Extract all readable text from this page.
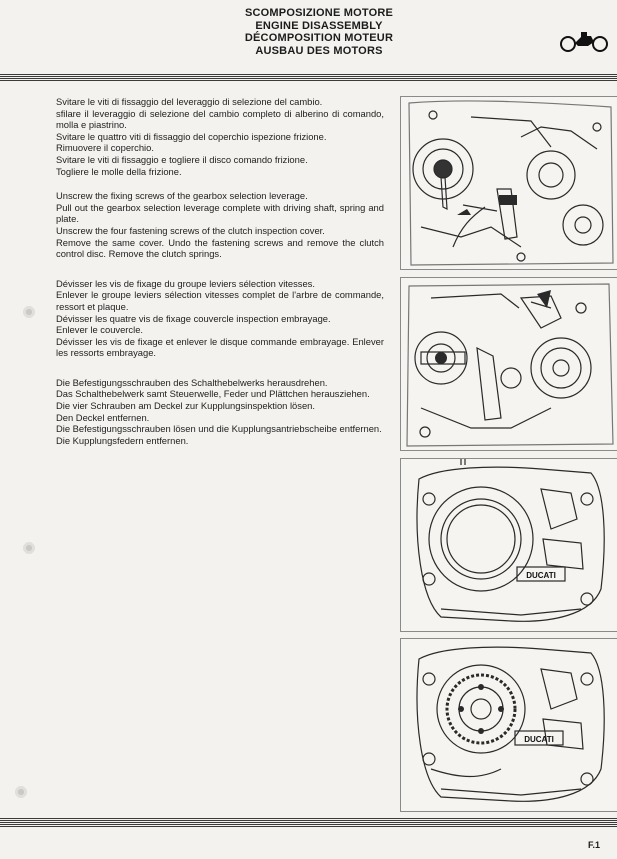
SCOMPOSIZIONE MOTORE
ENGINE DISASSEMBLY
DÉCOMPOSITION MOTEUR
AUSBAU DES MOTORS

Svitare le viti di fissaggio del leveraggio di selezione del cambio.

sfilare il leveraggio di selezione del cambio completo di alberino di comando, molla e piastrino.

Svitare le quattro viti di fissaggio del coperchio ispezione frizione.

Rimuovere il coperchio.

Svitare le viti di fissaggio e togliere il disco comando frizione.

Togliere le molle della frizione.

Unscrew the fixing screws of the gearbox selection leverage.

Pull out the gearbox selection leverage complete with driving shaft, spring and plate.

Unscrew the four fastening screws of the clutch inspection cover.

Remove the same cover. Undo the fastening screws and remove the clutch control disc. Remove the clutch springs.

Dévisser les vis de fixage du groupe leviers sélection vitesses.

Enlever le groupe leviers sélection vitesses complet de l'arbre de commande, ressort et plaque.

Dévisser les quatre vis de fixage couvercle inspection embrayage.

Enlever le couvercle.

Dévisser les vis de fixage et enlever le disque commande embrayage. Enlever les ressorts embrayage.

Die Befestigungsschrauben des Schalthebelwerks herausdrehen.

Das Schalthebelwerk samt Steuerwelle, Feder und Plättchen herausziehen.

Die vier Schrauben am Deckel zur Kupplungsinspektion lösen.

Den Deckel entfernen.

Die Befestigungsschrauben lösen und die Kupplungsantriebscheibe entfernen.

Die Kupplungsfedern entfernen.

DUCATI
DUCATI
F.1
